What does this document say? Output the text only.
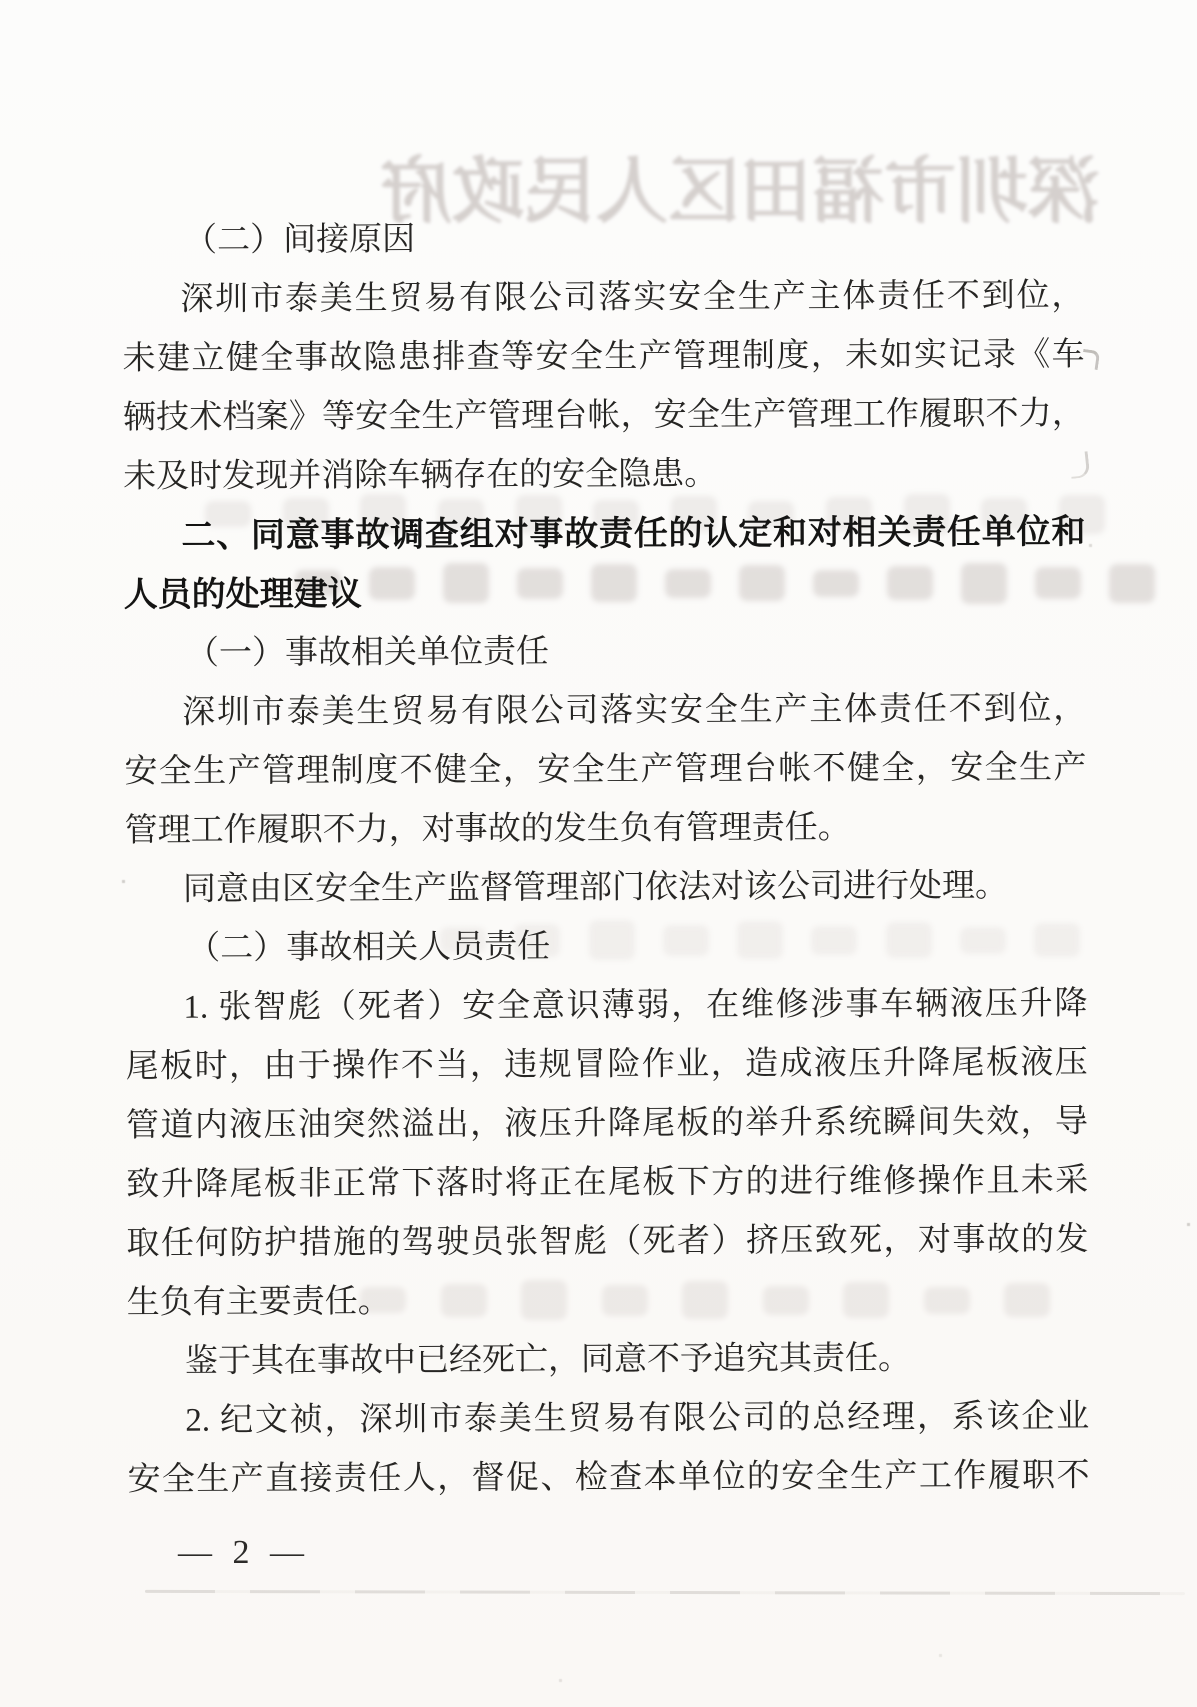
深圳市福田区人民政府
（二）间接原因
深圳市泰美生贸易有限公司落实安全生产主体责任不到位，
未建立健全事故隐患排查等安全生产管理制度，未如实记录《车
辆技术档案》等安全生产管理台帐，安全生产管理工作履职不力，
未及时发现并消除车辆存在的安全隐患。
二、同意事故调查组对事故责任的认定和对相关责任单位和
人员的处理建议
（一）事故相关单位责任
深圳市泰美生贸易有限公司落实安全生产主体责任不到位，
安全生产管理制度不健全，安全生产管理台帐不健全，安全生产
管理工作履职不力，对事故的发生负有管理责任。
同意由区安全生产监督管理部门依法对该公司进行处理。
（二）事故相关人员责任
1. 张智彪（死者）安全意识薄弱，在维修涉事车辆液压升降
尾板时，由于操作不当，违规冒险作业，造成液压升降尾板液压
管道内液压油突然溢出，液压升降尾板的举升系统瞬间失效，导
致升降尾板非正常下落时将正在尾板下方的进行维修操作且未采
取任何防护措施的驾驶员张智彪（死者）挤压致死，对事故的发
生负有主要责任。
鉴于其在事故中已经死亡，同意不予追究其责任。
2. 纪文祯，深圳市泰美生贸易有限公司的总经理，系该企业
安全生产直接责任人，督促、检查本单位的安全生产工作履职不
— 2 —
